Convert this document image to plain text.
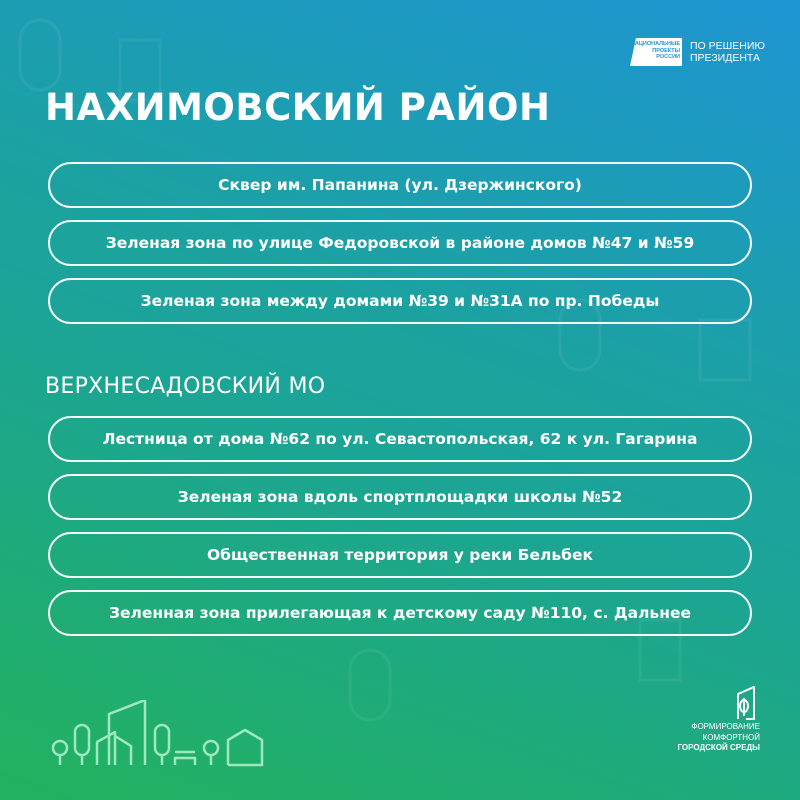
НАЦИОНАЛЬНЫЕ
ПРОЕКТЫ
РОССИИ
ПО РЕШЕНИЮ
ПРЕЗИДЕНТА
НАХИМОВСКИЙ РАЙОН
Сквер им. Папанина (ул. Дзержинского)
Зеленая зона по улице Федоровской в районе домов №47 и №59
Зеленая зона между домами №39 и №31А по пр. Победы
ВЕРХНЕСАДОВСКИЙ МО
Лестница от дома №62 по ул. Севастопольская, 62 к ул. Гагарина
Зеленая зона вдоль спортплощадки школы №52
Общественная территория у реки Бельбек
Зеленная зона прилегающая к детскому саду №110, с. Дальнее
ФОРМИРОВАНИЕ
КОМФОРТНОЙ
ГОРОДСКОЙ СРЕДЫ
